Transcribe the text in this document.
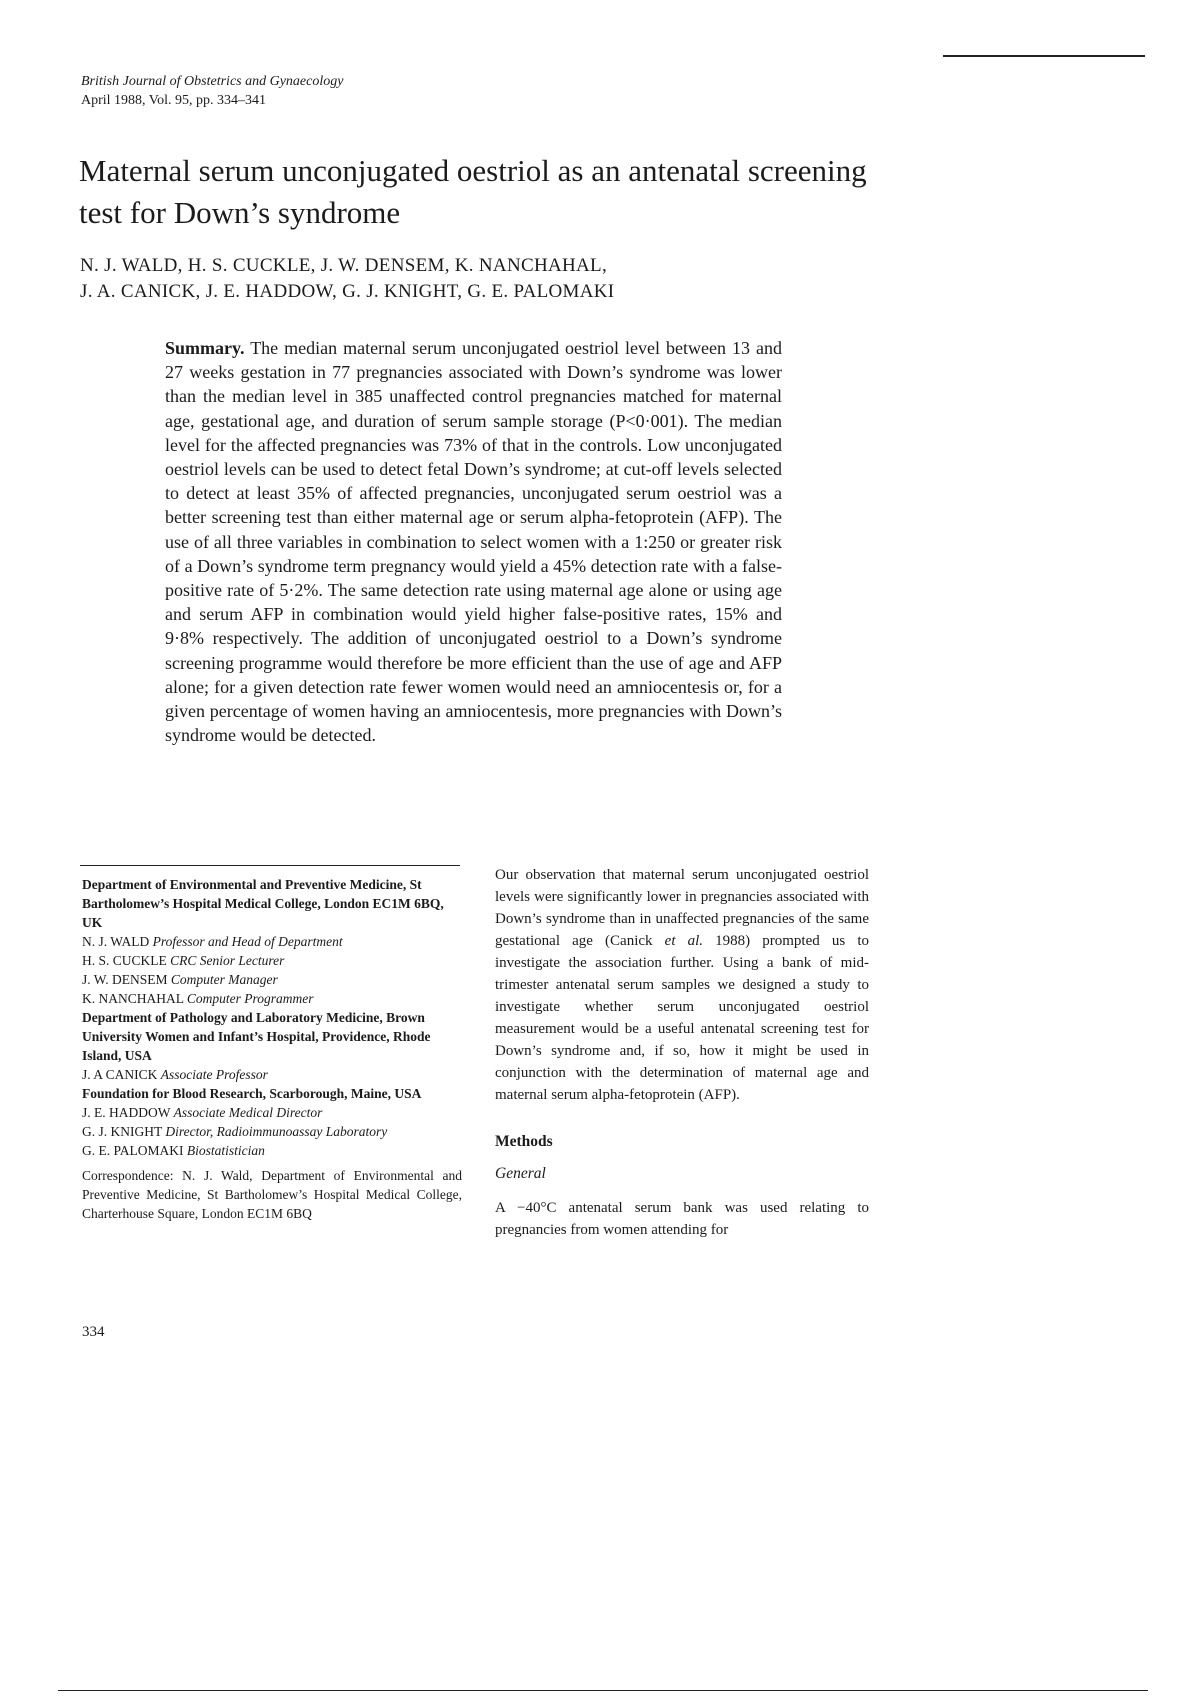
British Journal of Obstetrics and Gynaecology
April 1988, Vol. 95, pp. 334–341
Maternal serum unconjugated oestriol as an antenatal screening test for Down’s syndrome
N. J. WALD, H. S. CUCKLE, J. W. DENSEM, K. NANCHAHAL,
J. A. CANICK, J. E. HADDOW, G. J. KNIGHT, G. E. PALOMAKI

Summary. The median maternal serum unconjugated oestriol level between 13 and 27 weeks gestation in 77 pregnancies associated with Down’s syndrome was lower than the median level in 385 unaffected control pregnancies matched for maternal age, gestational age, and duration of serum sample storage (P<0·001). The median level for the affected pregnancies was 73% of that in the controls. Low unconjugated oestriol levels can be used to detect fetal Down’s syndrome; at cut-off levels selected to detect at least 35% of affected pregnancies, unconjugated serum oestriol was a better screening test than either maternal age or serum alpha-fetoprotein (AFP). The use of all three variables in combination to select women with a 1:250 or greater risk of a Down’s syndrome term pregnancy would yield a 45% detection rate with a false-positive rate of 5·2%. The same detection rate using maternal age alone or using age and serum AFP in combination would yield higher false-positive rates, 15% and 9·8% respectively. The addition of unconjugated oestriol to a Down’s syndrome screening programme would therefore be more efficient than the use of age and AFP alone; for a given detection rate fewer women would need an amniocentesis or, for a given percentage of women having an amniocentesis, more pregnancies with Down’s syndrome would be detected.

Department of Environmental and Preventive Medicine, St Bartholomew’s Hospital Medical College, London EC1M 6BQ, UK
N. J. WALD Professor and Head of Department
H. S. CUCKLE CRC Senior Lecturer
J. W. DENSEM Computer Manager
K. NANCHAHAL Computer Programmer
Department of Pathology and Laboratory Medicine, Brown University Women and Infant’s Hospital, Providence, Rhode Island, USA
J. A CANICK Associate Professor
Foundation for Blood Research, Scarborough, Maine, USA
J. E. HADDOW Associate Medical Director
G. J. KNIGHT Director, Radioimmunoassay Laboratory
G. E. PALOMAKI Biostatistician
Correspondence: N. J. Wald, Department of Environmental and Preventive Medicine, St Bartholomew’s Hospital Medical College, Charterhouse Square, London EC1M 6BQ
334

Our observation that maternal serum unconjugated oestriol levels were significantly lower in pregnancies associated with Down’s syndrome than in unaffected pregnancies of the same gestational age (Canick et al. 1988) prompted us to investigate the association further. Using a bank of mid-trimester antenatal serum samples we designed a study to investigate whether serum unconjugated oestriol measurement would be a useful antenatal screening test for Down’s syndrome and, if so, how it might be used in conjunction with the determination of maternal age and maternal serum alpha-fetoprotein (AFP).

Methods
General

A −40°C antenatal serum bank was used relating to pregnancies from women attending for
